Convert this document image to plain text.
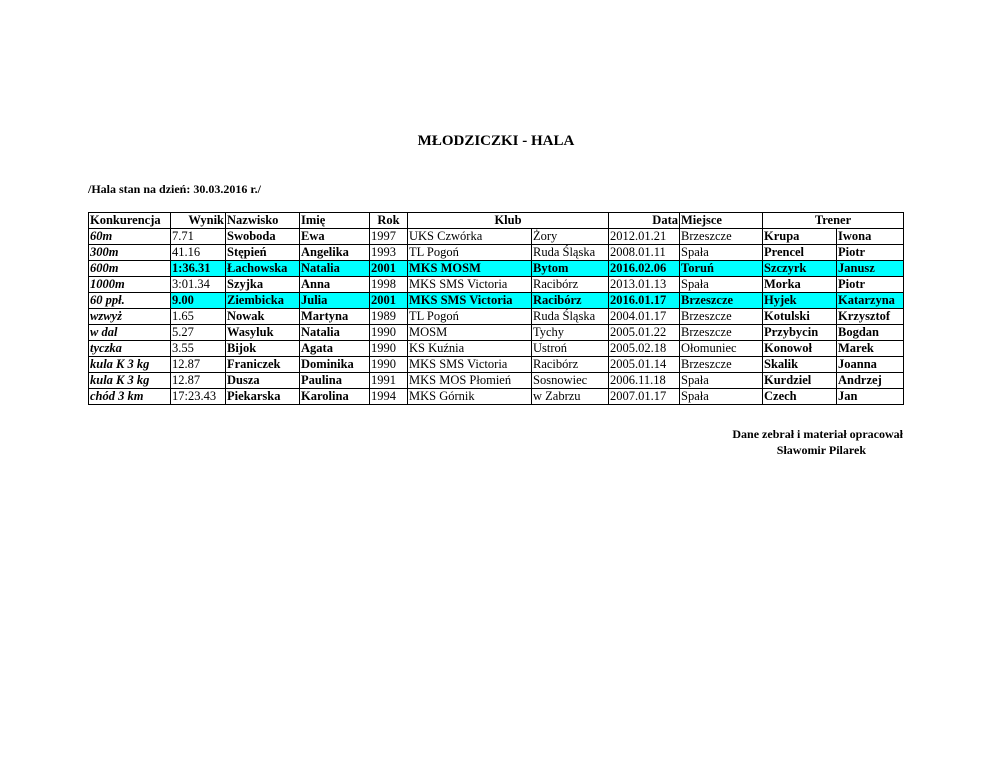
MŁODZICZKI - HALA
/Hala stan na dzień: 30.03.2016 r./
Konkurencja	Wynik	Nazwisko	Imię	Rok	Klub		Data	Miejsce	Trener	
60m	7.71	Swoboda	Ewa	1997	UKS Czwórka	Żory	2012.01.21	Brzeszcze	Krupa	Iwona
300m	41.16	Stępień	Angelika	1993	TL Pogoń	Ruda Śląska	2008.01.11	Spała	Prencel	Piotr
600m	1:36.31	Łachowska	Natalia	2001	MKS MOSM	Bytom	2016.02.06	Toruń	Szczyrk	Janusz
1000m	3:01.34	Szyjka	Anna	1998	MKS SMS Victoria	Racibórz	2013.01.13	Spała	Morka	Piotr
60 ppł.	9.00	Ziembicka	Julia	2001	MKS SMS Victoria	Racibórz	2016.01.17	Brzeszcze	Hyjek	Katarzyna
wzwyż	1.65	Nowak	Martyna	1989	TL Pogoń	Ruda Śląska	2004.01.17	Brzeszcze	Kotulski	Krzysztof
w dal	5.27	Wasyluk	Natalia	1990	MOSM	Tychy	2005.01.22	Brzeszcze	Przybycin	Bogdan
tyczka	3.55	Bijok	Agata	1990	KS Kuźnia	Ustroń	2005.02.18	Ołomuniec	Konowoł	Marek
kula K 3 kg	12.87	Franiczek	Dominika	1990	MKS SMS Victoria	Racibórz	2005.01.14	Brzeszcze	Skalik	Joanna
kula K 3 kg	12.87	Dusza	Paulina	1991	MKS MOS Płomień	Sosnowiec	2006.11.18	Spała	Kurdziel	Andrzej
chód 3 km	17:23.43	Piekarska	Karolina	1994	MKS Górnik	w Zabrzu	2007.01.17	Spała	Czech	Jan
Dane zebrał i materiał opracował
Sławomir Pilarek
